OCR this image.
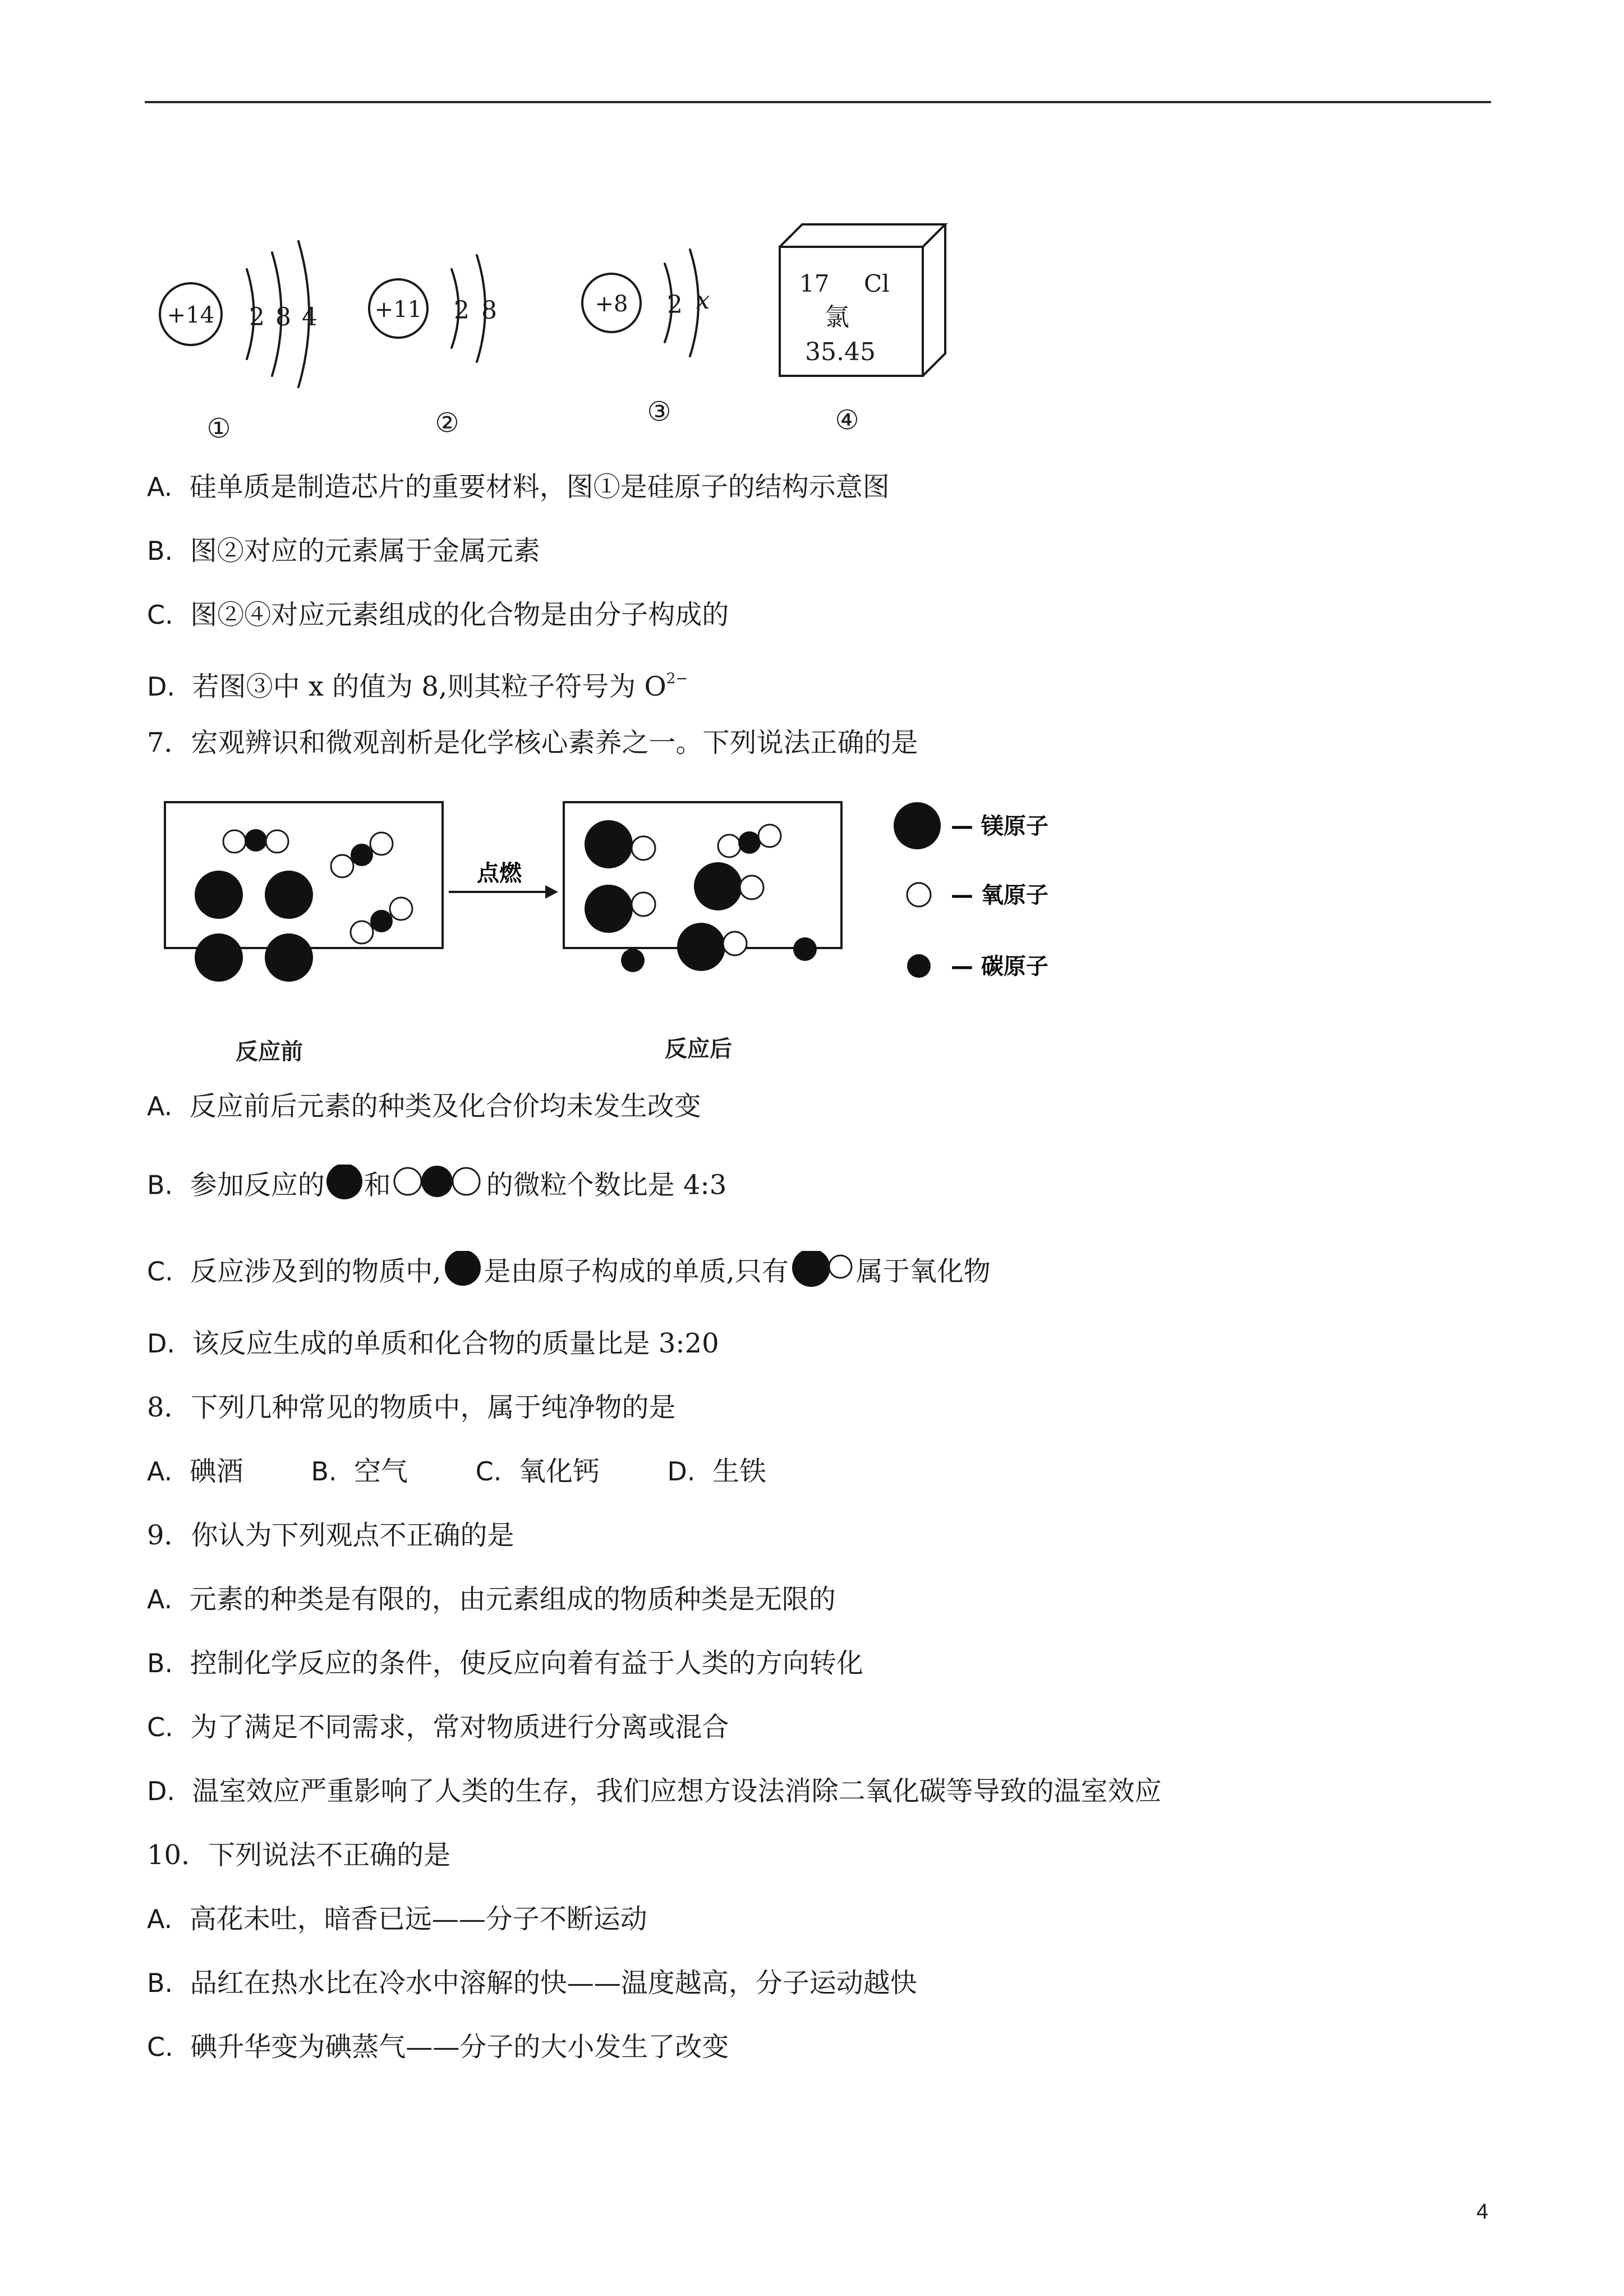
+14 2 8 4
①
+11 2 8
②
+8 2 x
③
17 Cl
氯
35.45
④
A. 硅单质是制造芯片的重要材料，图①是硅原子的结构示意图
B. 图②对应的元素属于金属元素
C. 图②④对应元素组成的化合物是由分子构成的
D. 若图③中 x 的值为 8,则其粒子符号为 $O^{2-}$
7．宏观辨识和微观剖析是化学核心素养之一。下列说法正确的是
点燃
— 镁原子
— 氧原子
— 碳原子
反应前	反应后
A. 反应前后元素的种类及化合价均未发生改变
B. 参加反应的 和	的微粒个数比是 4:3
C. 反应涉及到的物质中, 是由原子构成的单质,只有	属于氧化物
D. 该反应生成的单质和化合物的质量比是 3:20
8．下列几种常见的物质中，属于纯净物的是
A. 碘酒	B. 空气	C. 氧化钙	D. 生铁
9．你认为下列观点不正确的是
A. 元素的种类是有限的，由元素组成的物质种类是无限的
B. 控制化学反应的条件，使反应向着有益于人类的方向转化
C. 为了满足不同需求，常对物质进行分离或混合
D. 温室效应严重影响了人类的生存，我们应想方设法消除二氧化碳等导致的温室效应
10．下列说法不正确的是
A. 高花未吐，暗香已远——分子不断运动
B. 品红在热水比在冷水中溶解的快——温度越高，分子运动越快
C. 碘升华变为碘蒸气——分子的大小发生了改变
4
